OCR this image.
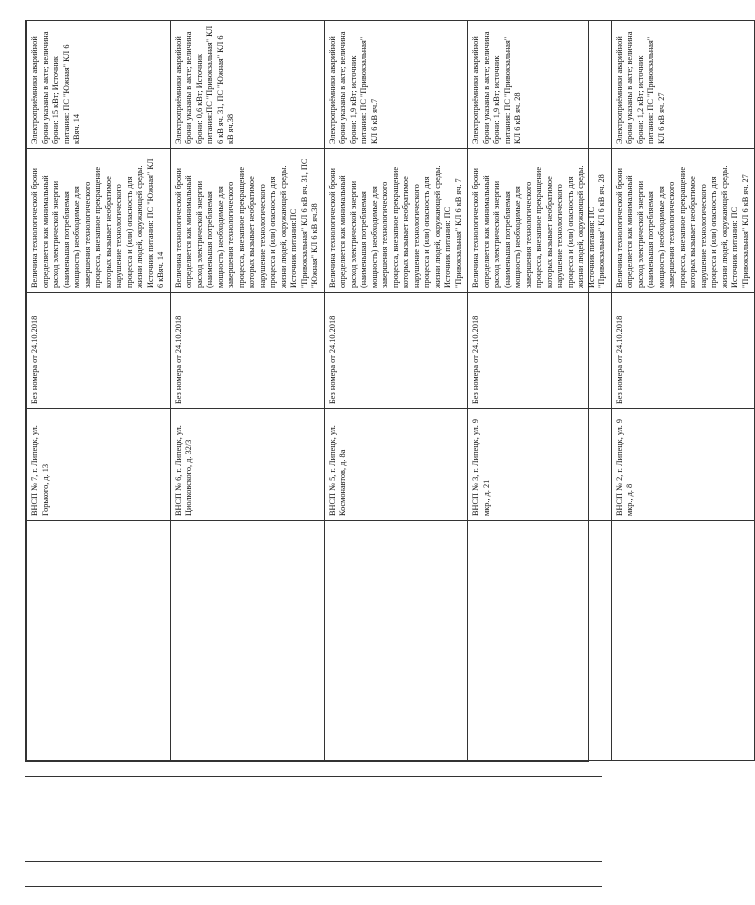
	ВНСП № 7, г. Липецк, ул. Горького, д. 13	Без номера от 24.10.2018	Величина технологической брони определяется как минимальный расход электрической энергии (наименьшая потребляемая мощность) необходимые для завершения технологического процесса, внезапное прекращение которых вызывает необратимое нарушение технологического процесса и (или) опасность для жизни людей, окружающей среды. Источник питания: ПС "Южная" КЛ 6 кВяч. 14	Электроприёмники аварийной брони указаны в акте; величина брони: 15 кВт; Источник питания: ПС "Южная" КЛ 6 кВяч. 14
	ВНСП № 6, г. Липецк, ул. Циолковского, д. 32/3	Без номера от 24.10.2018	Величина технологической брони определяется как минимальный расход электрической энергии (наименьшая потребляемая мощность) необходимые для завершения технологического процесса, внезапное прекращение которых вызывает необратимое нарушение технологического процесса и (или) опасность для жизни людей, окружающей среды. Источник питания:ПС "Привокзальная" КЛ 6 кВ яч. 31, ПС "Южная" КЛ 6 кВ яч.38	Электроприёмники аварийной брони указаны в акте; величина брони: 0,6 кВт; Источник питания:ПС "Привокзальная" КЛ 6 кВ яч. 31, ПС "Южная" КЛ 6 кВ яч.38
	ВНСП № 5, г. Липецк, ул. Космонавтов, д. 8а	Без номера от 24.10.2018	Величина технологической брони определяется как минимальный расход электрической энергии (наименьшая потребляемая мощность) необходимые для завершения технологического процесса, внезапное прекращение которых вызывает необратимое нарушение технологического процесса и (или) опасность для жизни людей, окружающей среды. Источник питания: ПС "Привокзальная" КЛ 6 кВ яч. 7	Электроприёмники аварийной брони указаны в акте; величина брони: 1,9 кВт; источник питания: ПС "Привокзальная" КЛ 6 кВ яч.7
	ВНСП № 3, г. Липецк, ул. 9 мкр., д. 21	Без номера от 24.10.2018	Величина технологической брони определяется как минимальный расход электрической энергии (наименьшая потребляемая мощность) необходимые для завершения технологического процесса, внезапное прекращение которых вызывает необратимое нарушение технологического процесса и (или) опасность для жизни людей, окружающей среды. Источник питания: ПС "Привокзальная" КЛ 6 кВ яч. 28	Электроприёмники аварийной брони указаны в акте; величина брони: 1,9 кВт; источник питания: ПС "Привокзальная" КЛ 6 кВ яч. 28
	ВНСП № 2, г. Липецк, ул. 9 мкр., д. 8	Без номера от 24.10.2018	Величина технологической брони определяется как минимальный расход электрической энергии (наименьшая потребляемая мощность) необходимые для завершения технологического процесса, внезапное прекращение которых вызывает необратимое нарушение технологического процесса и (или) опасность для жизни людей, окружающей среды. Источник питания: ПС "Привокзальная" КЛ 6 кВ яч. 27	Электроприёмники аварийной брони указаны в акте; величина брони: 1,2 кВт; источник питания: ПС "Привокзальная" КЛ 6 кВ яч. 27
